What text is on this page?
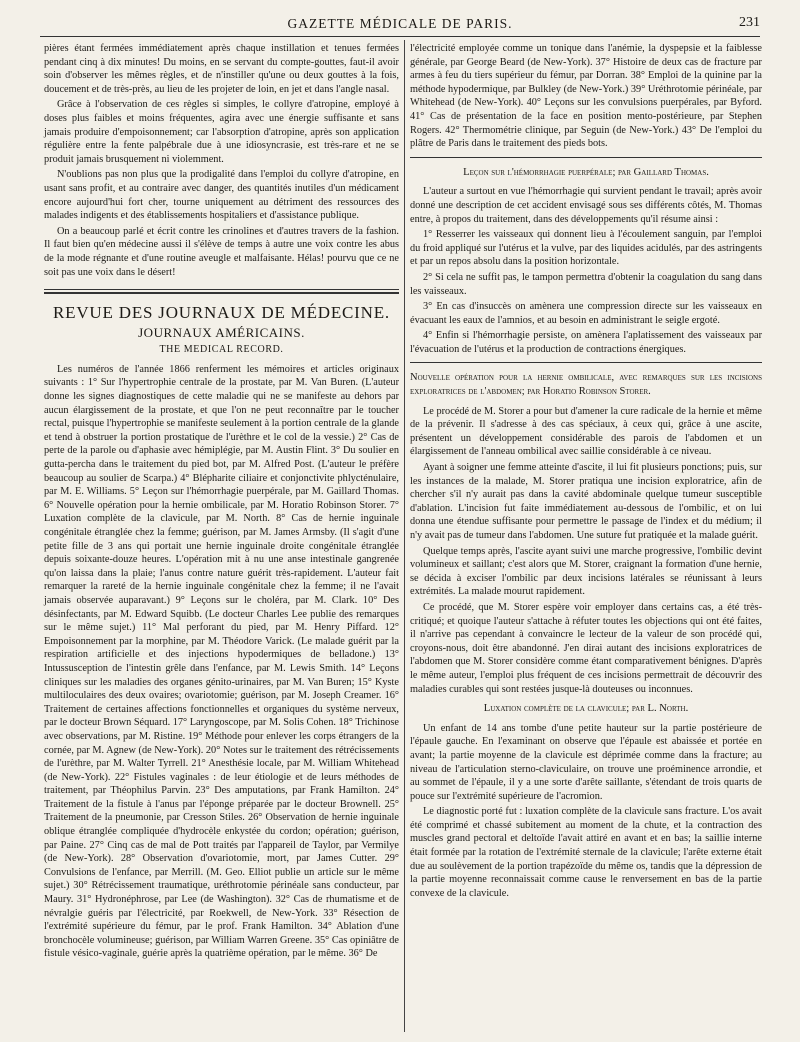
GAZETTE MÉDICALE DE PARIS.	231

pières étant fermées immédiatement après chaque instillation et tenues fermées pendant cinq à dix minutes! Du moins, en se servant du compte-gouttes, faut-il avoir soin d'observer les mêmes règles, et de n'instiller qu'une ou deux gouttes à la fois, doucement et de très-près, au lieu de les projeter de loin, en jet et dans l'angle nasal.

Grâce à l'observation de ces règles si simples, le collyre d'atropine, employé à doses plus faibles et moins fréquentes, agira avec une énergie suffisante et sans jamais produire d'empoisonnement; car l'absorption d'atropine, après son application régulière entre la fente palpébrale due à une idiosyncrasie, est très-rare et ne se produit jamais brusquement ni violemment.

N'oublions pas non plus que la prodigalité dans l'emploi du collyre d'atropine, en usant sans profit, et au contraire avec danger, des quantités inutiles d'un médicament encore aujourd'hui fort cher, tourne uniquement au détriment des ressources des malades indigents et des établissements hospitaliers et d'assistance publique.

On a beaucoup parlé et écrit contre les crinolines et d'autres travers de la fashion. Il faut bien qu'en médecine aussi il s'élève de temps à autre une voix contre les abus de la mode régnante et d'une routine aveugle et malfaisante. Hélas! pourvu que ce ne soit pas une voix dans le désert!

REVUE DES JOURNAUX DE MÉDECINE.
JOURNAUX AMÉRICAINS.
THE MEDICAL RECORD.

Les numéros de l'année 1866 renferment les mémoires et articles originaux suivants : 1° Sur l'hypertrophie centrale de la prostate, par M. Van Buren. (L'auteur donne les signes diagnostiques de cette maladie qui ne se manifeste au dehors par aucun élargissement de la prostate, et que l'on ne peut reconnaître par le toucher rectal, puisque l'hypertrophie se manifeste seulement à la portion centrale de la glande et tend à obstruer la portion prostatique de l'urèthre et le col de la vessie.) 2° Cas de perte de la parole ou d'aphasie avec hémiplégie, par M. Austin Flint. 3° Du soulier en gutta-percha dans le traitement du pied bot, par M. Alfred Post. (L'auteur le préfère beaucoup au soulier de Scarpa.) 4° Blépharite ciliaire et conjonctivite phlycténulaire, par M. E. Williams. 5° Leçon sur l'hémorrhagie puerpérale, par M. Gaillard Thomas. 6° Nouvelle opération pour la hernie ombilicale, par M. Horatio Robinson Storer. 7° Luxation complète de la clavicule, par M. North. 8° Cas de hernie inguinale congénitale étranglée chez la femme; guérison, par M. James Armsby. (Il s'agit d'une petite fille de 3 ans qui portait une hernie inguinale droite congénitale étranglée depuis soixante-douze heures. L'opération mit à nu une anse intestinale gangrenée qu'on laissa dans la plaie; l'anus contre nature guérit très-rapidement. L'auteur fait remarquer la rareté de la hernie inguinale congénitale chez la femme; il ne l'avait jamais observée auparavant.) 9° Leçons sur le choléra, par M. Clark. 10° Des désinfectants, par M. Edward Squibb. (Le docteur Charles Lee publie des remarques sur le même sujet.) 11° Mal perforant du pied, par M. Henry Piffard. 12° Empoisonnement par la morphine, par M. Théodore Varick. (Le malade guérit par la respiration artificielle et des injections hypodermiques de belladone.) 13° Intussusception de l'intestin grêle dans l'enfance, par M. Lewis Smith. 14° Leçons cliniques sur les maladies des organes génito-urinaires, par M. Van Buren; 15° Kyste multiloculaires des deux ovaires; ovariotomie; guérison, par M. Joseph Creamer. 16° Traitement de certaines affections fonctionnelles et organiques du système nerveux, par le docteur Brown Séquard. 17° Laryngoscope, par M. Solis Cohen. 18° Trichinose avec observations, par M. Ristine. 19° Méthode pour enlever les corps étrangers de la cornée, par M. Agnew (de New-York). 20° Notes sur le traitement des rétrécissements de l'urèthre, par M. Walter Tyrrell. 21° Anesthésie locale, par M. William Whitehead (de New-York). 22° Fistules vaginales : de leur étiologie et de leurs méthodes de traitement, par Théophilus Parvin. 23° Des amputations, par Frank Hamilton. 24° Traitement de la fistule à l'anus par l'éponge préparée par le docteur Brownell. 25° Traitement de la pneumonie, par Cresson Stiles. 26° Observation de hernie inguinale oblique étranglée compliquée d'hydrocèle enkystée du cordon; opération; guérison, par Paine. 27° Cinq cas de mal de Pott traités par l'appareil de Taylor, par Vermilye (de New-York). 28° Observation d'ovariotomie, mort, par James Cutter. 29° Convulsions de l'enfance, par Merrill. (M. Geo. Elliot publie un article sur le même sujet.) 30° Rétrécissement traumatique, uréthrotomie périnéale sans conducteur, par Maury. 31° Hydronéphrose, par Lee (de Washington). 32° Cas de rhumatisme et de névralgie guéris par l'électricité, par Roekwell, de New-York. 33° Résection de l'extrémité supérieure du fémur, par le prof. Frank Hamilton. 34° Ablation d'une bronchocèle volumineuse; guérison, par William Warren Greene. 35° Cas opiniâtre de fistule vésico-vaginale, guérie après la quatrième opération, par le même. 36° De

l'électricité employée comme un tonique dans l'anémie, la dyspepsie et la faiblesse générale, par George Beard (de New-York). 37° Histoire de deux cas de fracture par armes à feu du tiers supérieur du fémur, par Dorran. 38° Emploi de la quinine par la méthode hypodermique, par Bulkley (de New-York.) 39° Uréthrotomie périnéale, par Whitehead (de New-York). 40° Leçons sur les convulsions puerpérales, par Byford. 41° Cas de présentation de la face en position mento-postérieure, par Stephen Rogers. 42° Thermométrie clinique, par Seguin (de New-York.) 43° De l'emploi du plâtre de Paris dans le traitement des pieds bots.

Leçon sur l'hémorrhagie puerpérale; par Gaillard Thomas.

L'auteur a surtout en vue l'hémorrhagie qui survient pendant le travail; après avoir donné une description de cet accident envisagé sous ses différents côtés, M. Thomas entre, à propos du traitement, dans des développements qu'il résume ainsi :

1° Resserrer les vaisseaux qui donnent lieu à l'écoulement sanguin, par l'emploi du froid appliqué sur l'utérus et la vulve, par des liquides acidulés, par des astringents et par un repos absolu dans la position horizontale.

2° Si cela ne suffit pas, le tampon permettra d'obtenir la coagulation du sang dans les vaisseaux.

3° En cas d'insuccès on amènera une compression directe sur les vaisseaux en évacuant les eaux de l'amnios, et au besoin en administrant le seigle ergoté.

4° Enfin si l'hémorrhagie persiste, on amènera l'aplatissement des vaisseaux par l'évacuation de l'utérus et la production de contractions énergiques.

Nouvelle opération pour la hernie ombilicale, avec remarques sur les incisions exploratrices de l'abdomen; par Horatio Robinson Storer.

Le procédé de M. Storer a pour but d'amener la cure radicale de la hernie et même de la prévenir. Il s'adresse à des cas spéciaux, à ceux qui, grâce à une ascite, présentent un développement considérable des parois de l'abdomen et un élargissement de l'anneau ombilical avec saillie considérable à ce niveau.

Ayant à soigner une femme atteinte d'ascite, il lui fit plusieurs ponctions; puis, sur les instances de la malade, M. Storer pratiqua une incision exploratrice, afin de chercher s'il n'y aurait pas dans la cavité abdominale quelque tumeur susceptible d'ablation. L'incision fut faite immédiatement au-dessous de l'ombilic, et on lui donna une étendue suffisante pour permettre le passage de l'index et du médium; il n'y avait pas de tumeur dans l'abdomen. Une suture fut pratiquée et la malade guérit.

Quelque temps après, l'ascite ayant suivi une marche progressive, l'ombilic devint volumineux et saillant; c'est alors que M. Storer, craignant la formation d'une hernie, se décida à exciser l'ombilic par deux incisions latérales se réunissant à leurs extrémités. La malade mourut rapidement.

Ce procédé, que M. Storer espère voir employer dans certains cas, a été très-critiqué; et quoique l'auteur s'attache à réfuter toutes les objections qui ont été faites, il n'arrive pas cependant à convaincre le lecteur de la valeur de son procédé qui, croyons-nous, doit être abandonné. J'en dirai autant des incisions exploratrices de l'abdomen que M. Storer considère comme étant comparativement bénignes. D'après le même auteur, l'emploi plus fréquent de ces incisions permettrait de découvrir des maladies curables qui sont restées jusque-là douteuses ou inconnues.

Luxation complète de la clavicule; par L. North.

Un enfant de 14 ans tombe d'une petite hauteur sur la partie postérieure de l'épaule gauche. En l'examinant on observe que l'épaule est abaissée et portée en avant; la partie moyenne de la clavicule est déprimée comme dans la fracture; au niveau de l'articulation sterno-claviculaire, on trouve une proéminence arrondie, et au sommet de l'épaule, il y a une sorte d'arête saillante, s'étendant de trois quarts de pouce sur l'extrémité supérieure de l'acromion.

Le diagnostic porté fut : luxation complète de la clavicule sans fracture. L'os avait été comprimé et chassé subitement au moment de la chute, et la contraction des muscles grand pectoral et deltoïde l'avait attiré en avant et en bas; la saillie interne était formée par la rotation de l'extrémité sternale de la clavicule; l'arête externe était due au soulèvement de la portion trapézoïde du même os, tandis que la dépression de la partie moyenne reconnaissait comme cause le renversement en bas de la partie convexe de la clavicule.
